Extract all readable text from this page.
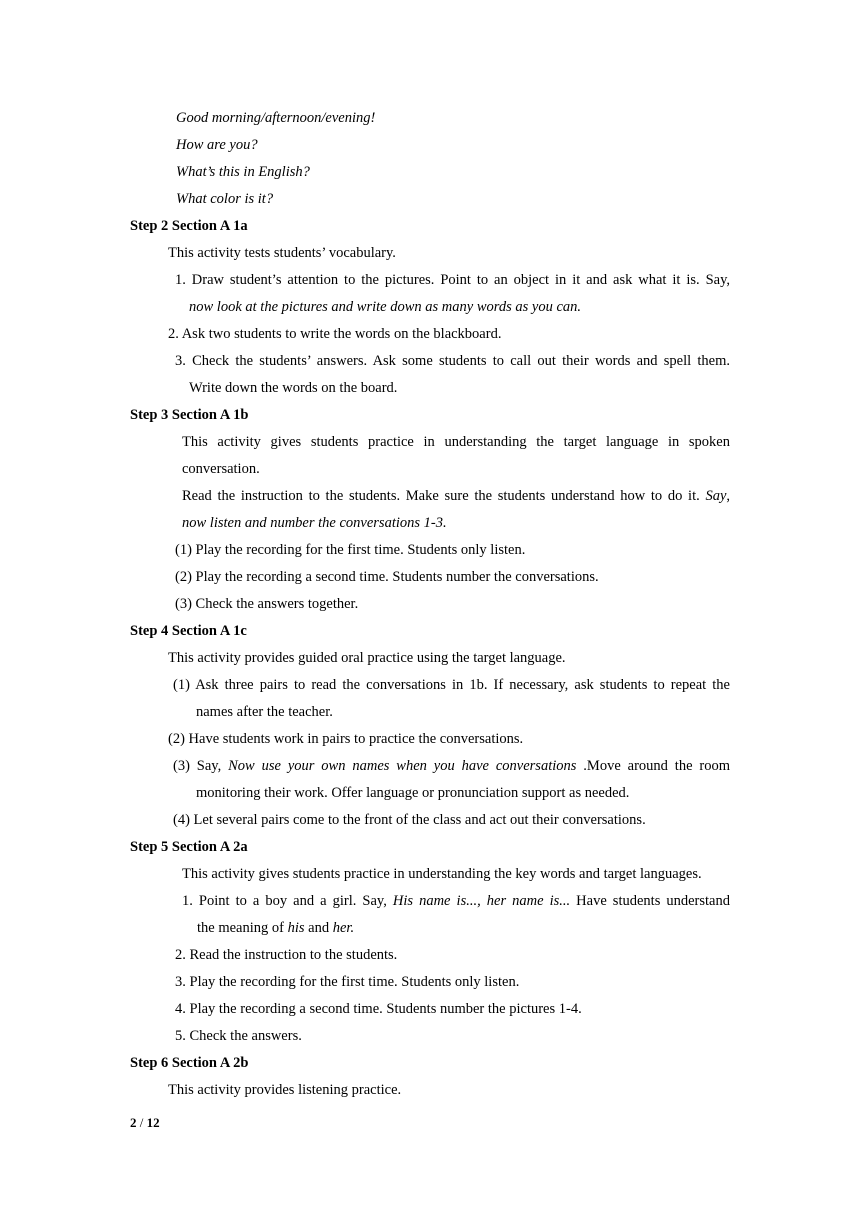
Good morning/afternoon/evening!
How are you?
What’s this in English?
What color is it?
Step 2 Section A 1a
This activity tests students’ vocabulary.
1. Draw student’s attention to the pictures. Point to an object in it and ask what it is. Say,
now look at the pictures and write down as many words as you can.
2. Ask two students to write the words on the blackboard.
3. Check the students’ answers. Ask some students to call out their words and spell them.
Write down the words on the board.
Step 3 Section A 1b
This activity gives students practice in understanding the target language in spoken
conversation.
Read the instruction to the students. Make sure the students understand how to do it. Say,
now listen and number the conversations 1-3.
(1) Play the recording for the first time. Students only listen.
(2) Play the recording a second time. Students number the conversations.
(3) Check the answers together.
Step 4 Section A 1c
This activity provides guided oral practice using the target language.
(1) Ask three pairs to read the conversations in 1b. If necessary, ask students to repeat the
names after the teacher.
(2) Have students work in pairs to practice the conversations.
(3) Say, Now use your own names when you have conversations .Move around the room
monitoring their work. Offer language or pronunciation support as needed.
(4) Let several pairs come to the front of the class and act out their conversations.
Step 5 Section A 2a
This activity gives students practice in understanding the key words and target languages.
1. Point to a boy and a girl. Say, His name is..., her name is... Have students understand
the meaning of his and her.
2. Read the instruction to the students.
3. Play the recording for the first time. Students only listen.
4. Play the recording a second time. Students number the pictures 1-4.
5. Check the answers.
Step 6 Section A 2b
This activity provides listening practice.
2 / 12
